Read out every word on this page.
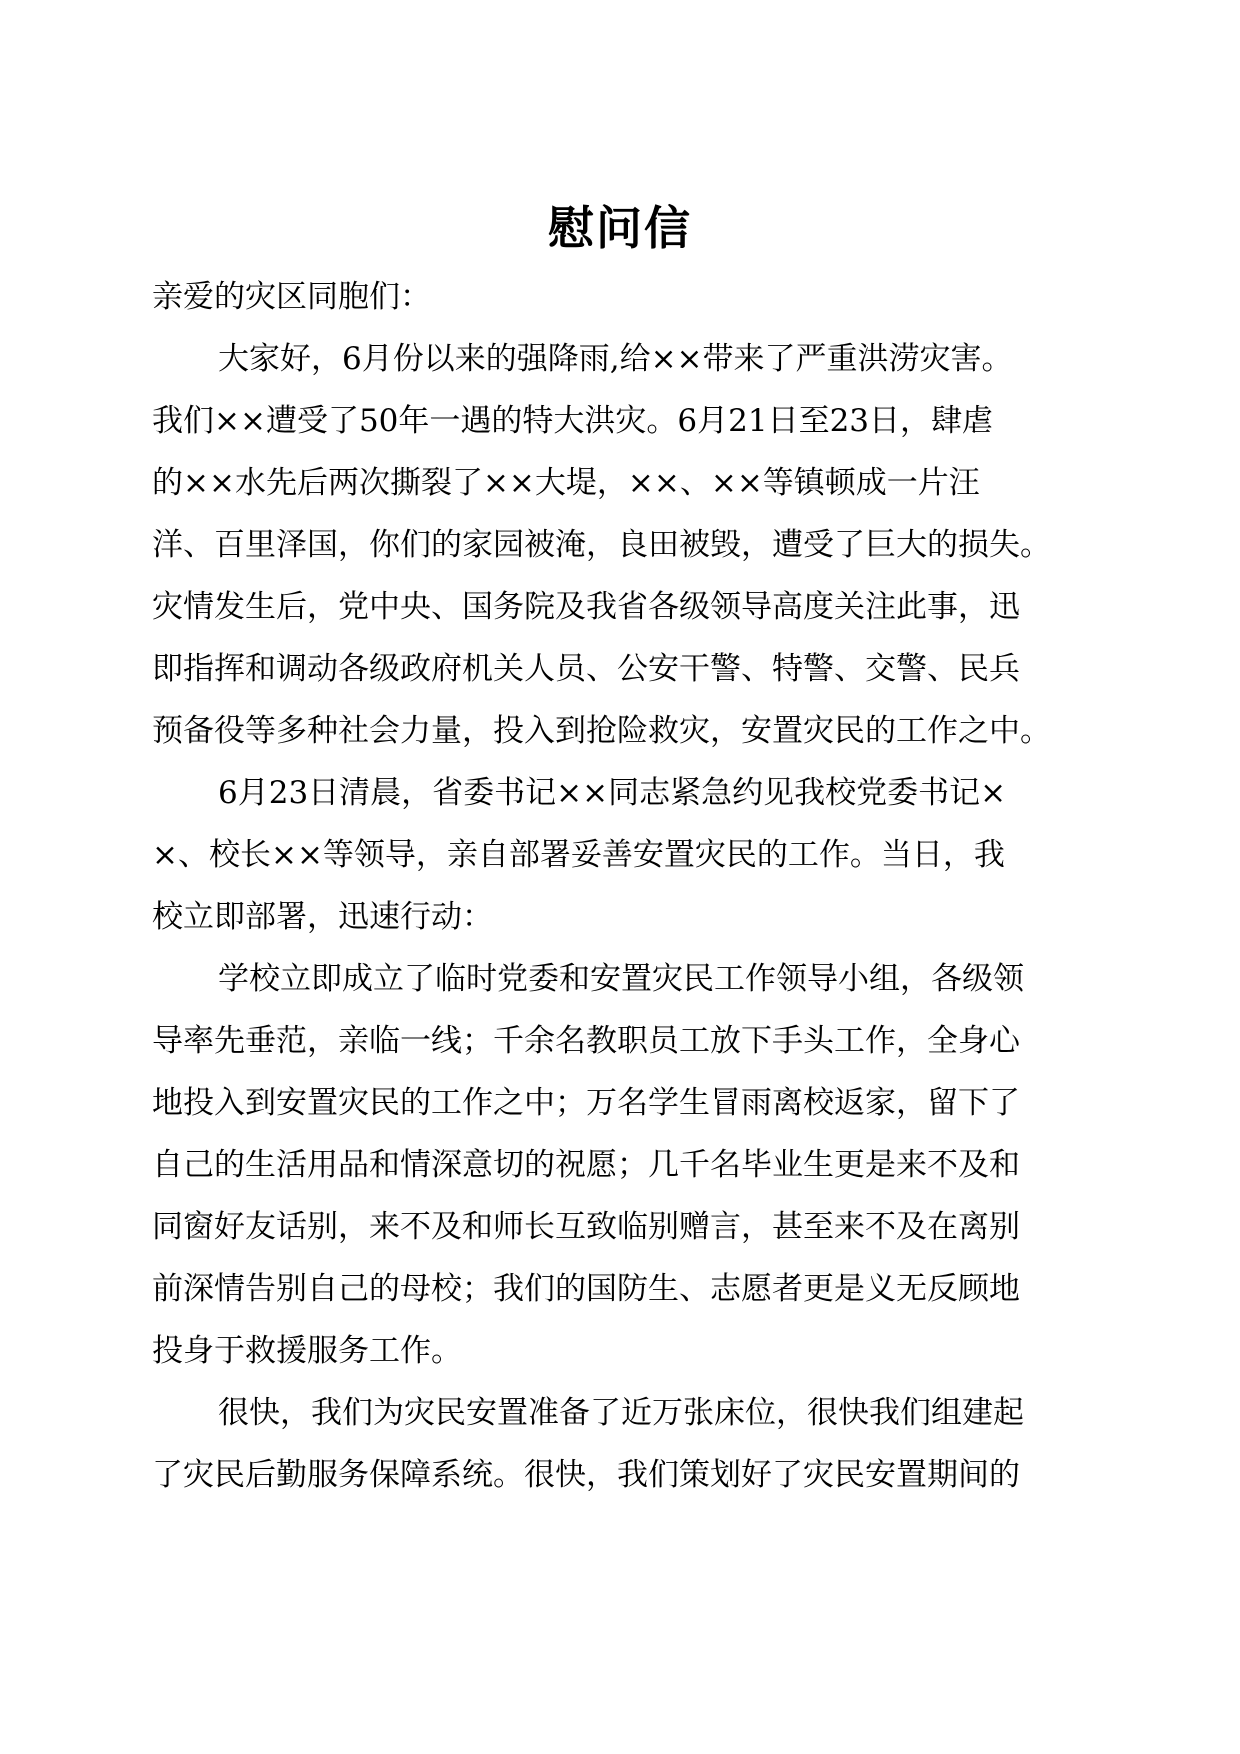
慰问信

亲爱的灾区同胞们：

大家好，6月份以来的强降雨,给××带来了严重洪涝灾害。
我们××遭受了50年一遇的特大洪灾。6月21日至23日，肆虐
的××水先后两次撕裂了××大堤，××、××等镇顿成一片汪
洋、百里泽国，你们的家园被淹，良田被毁，遭受了巨大的损失。
灾情发生后，党中央、国务院及我省各级领导高度关注此事，迅
即指挥和调动各级政府机关人员、公安干警、特警、交警、民兵
预备役等多种社会力量，投入到抢险救灾，安置灾民的工作之中。

6月23日清晨，省委书记××同志紧急约见我校党委书记×
×、校长××等领导，亲自部署妥善安置灾民的工作。当日，我
校立即部署，迅速行动：

学校立即成立了临时党委和安置灾民工作领导小组，各级领
导率先垂范，亲临一线；千余名教职员工放下手头工作，全身心
地投入到安置灾民的工作之中；万名学生冒雨离校返家，留下了
自己的生活用品和情深意切的祝愿；几千名毕业生更是来不及和
同窗好友话别，来不及和师长互致临别赠言，甚至来不及在离别
前深情告别自己的母校；我们的国防生、志愿者更是义无反顾地
投身于救援服务工作。

很快，我们为灾民安置准备了近万张床位，很快我们组建起
了灾民后勤服务保障系统。很快，我们策划好了灾民安置期间的
